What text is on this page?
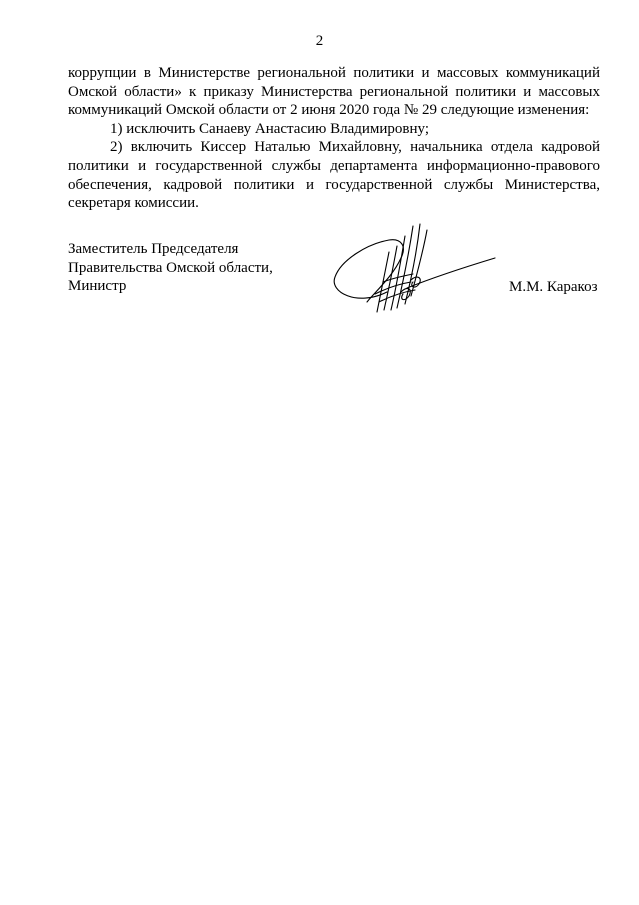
2

коррупции в Министерстве региональной политики и массовых коммуникаций Омской области» к приказу Министерства региональной политики и массовых коммуникаций Омской области от 2 июня 2020 года № 29 следующие изменения:

1) исключить Санаеву Анастасию Владимировну;

2) включить Киссер Наталью Михайловну, начальника отдела кадровой политики и государственной службы департамента информационно-правового обеспечения, кадровой политики и государственной службы Министерства, секретаря комиссии.

Заместитель Председателя
Правительства Омской области,
Министр	М.М. Каракоз
